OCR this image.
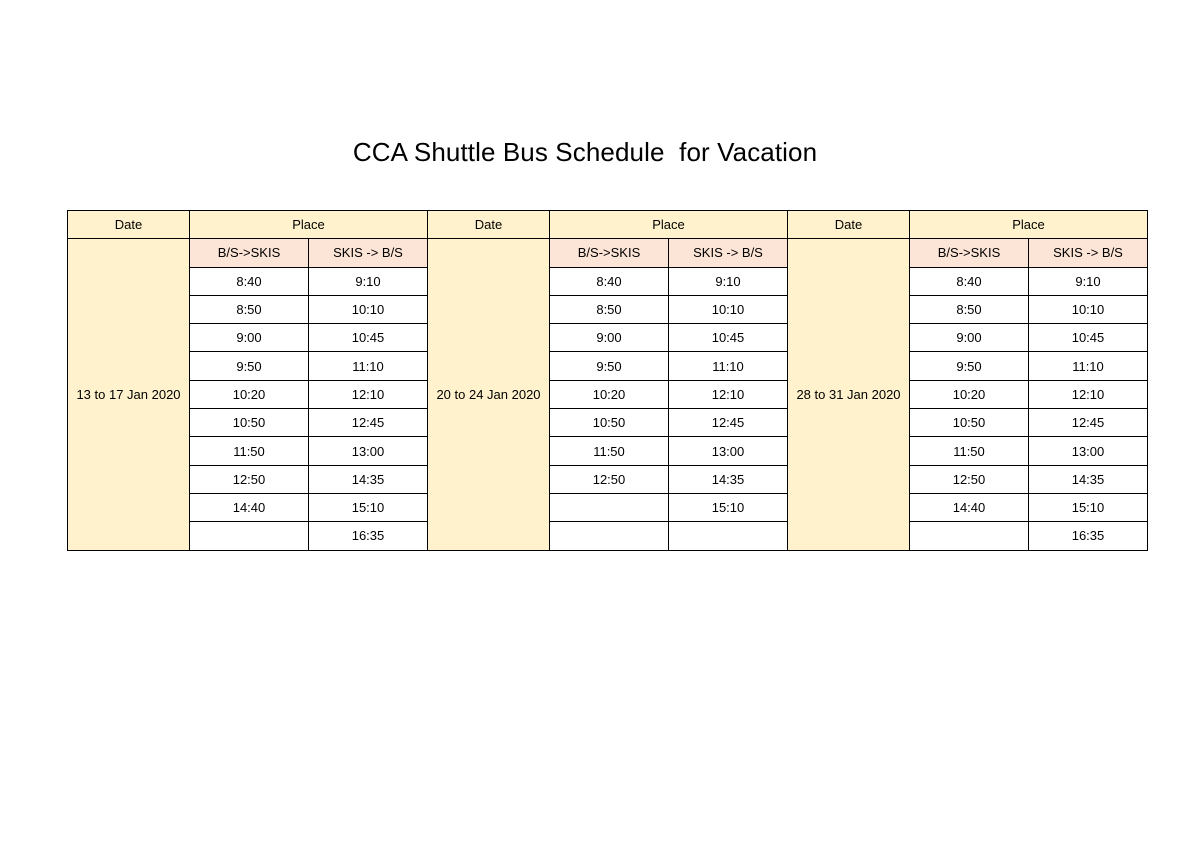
CCA Shuttle Bus Schedule  for Vacation
Date	Place		Date	Place		Date	Place	
13 to 17 Jan 2020	B/S->SKIS	SKIS -> B/S	20 to 24 Jan 2020	B/S->SKIS	SKIS -> B/S	28 to 31 Jan 2020	B/S->SKIS	SKIS -> B/S
	8:40	9:10		8:40	9:10		8:40	9:10
	8:50	10:10		8:50	10:10		8:50	10:10
	9:00	10:45		9:00	10:45		9:00	10:45
	9:50	11:10		9:50	11:10		9:50	11:10
	10:20	12:10		10:20	12:10		10:20	12:10
	10:50	12:45		10:50	12:45		10:50	12:45
	11:50	13:00		11:50	13:00		11:50	13:00
	12:50	14:35		12:50	14:35		12:50	14:35
	14:40	15:10			15:10		14:40	15:10
		16:35						16:35
